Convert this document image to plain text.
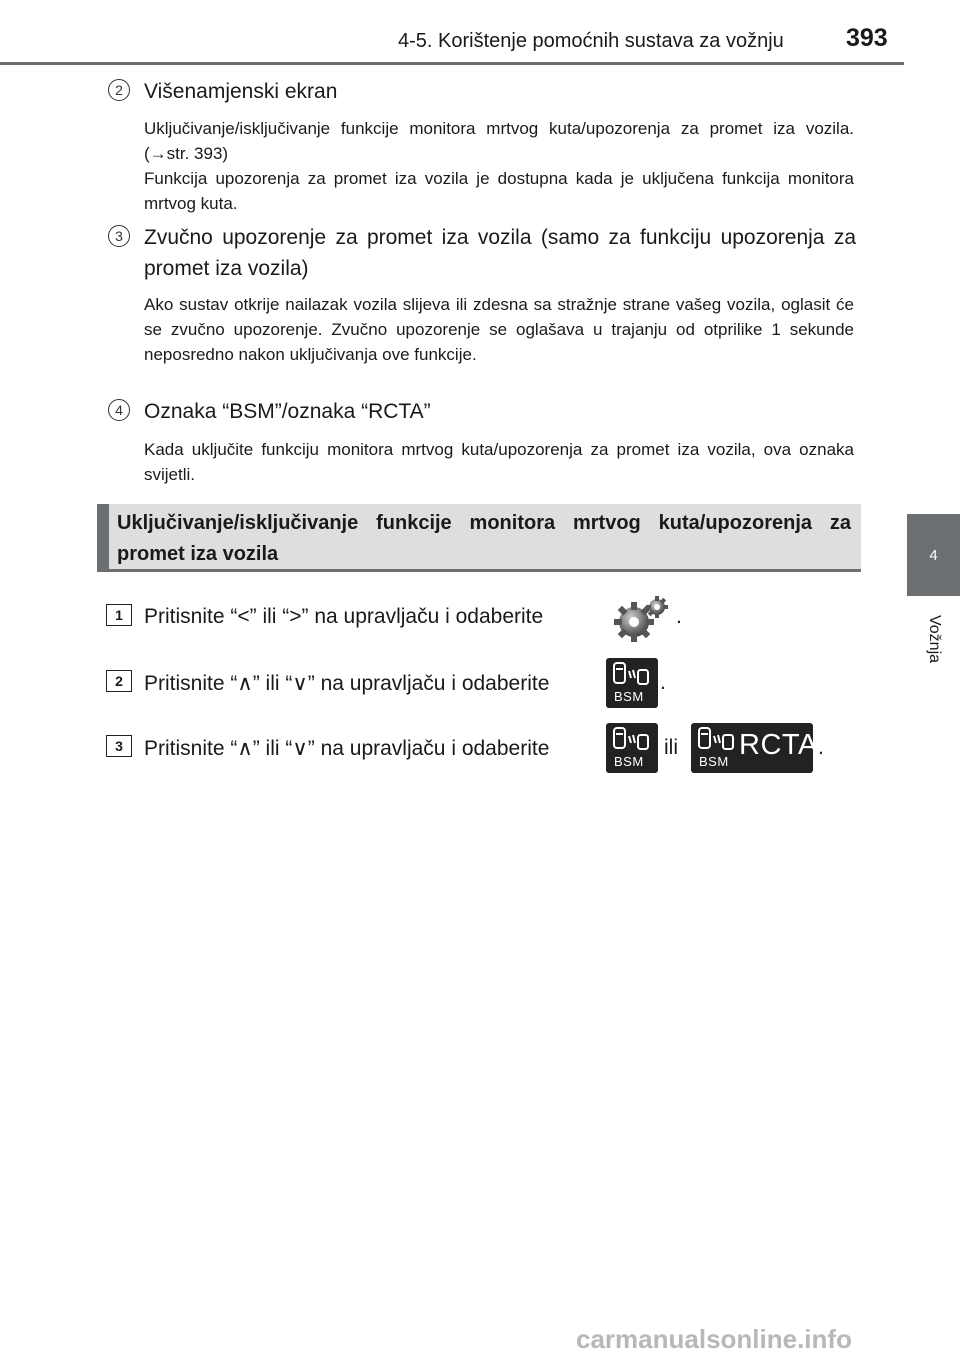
4-5. Korištenje pomoćnih sustava za vožnju 393
4
Vožnja
2	Višenamjenski ekran
Uključivanje/isključivanje funkcije monitora mrtvog kuta/upozorenja za promet iza vozila. (→str. 393)
Funkcija upozorenja za promet iza vozila je dostupna kada je uključena funkcija monitora mrtvog kuta.
3	Zvučno upozorenje za promet iza vozila (samo za funkciju upozorenja za promet iza vozila)
Ako sustav otkrije nailazak vozila slijeva ili zdesna sa stražnje strane vašeg vozila, oglasit će se zvučno upozorenje. Zvučno upozorenje se oglašava u trajanju od otprilike 1 sekunde neposredno nakon uključivanja ove funkcije.
4	Oznaka “BSM”/oznaka “RCTA”
Kada uključite funkciju monitora mrtvog kuta/upozorenja za promet iza vozila, ova oznaka svijetli.
Uključivanje/isključivanje funkcije monitora mrtvog kuta/upozorenja za promet iza vozila
1	Pritisnite “<” ili “>” na upravljaču i odaberite	.
2	Pritisnite “∧” ili “∨” na upravljaču i odaberite
BSM
.
3	Pritisnite “∧” ili “∨” na upravljaču i odaberite
BSM
ili
BSM
RCTA .
carmanualsonline.info
